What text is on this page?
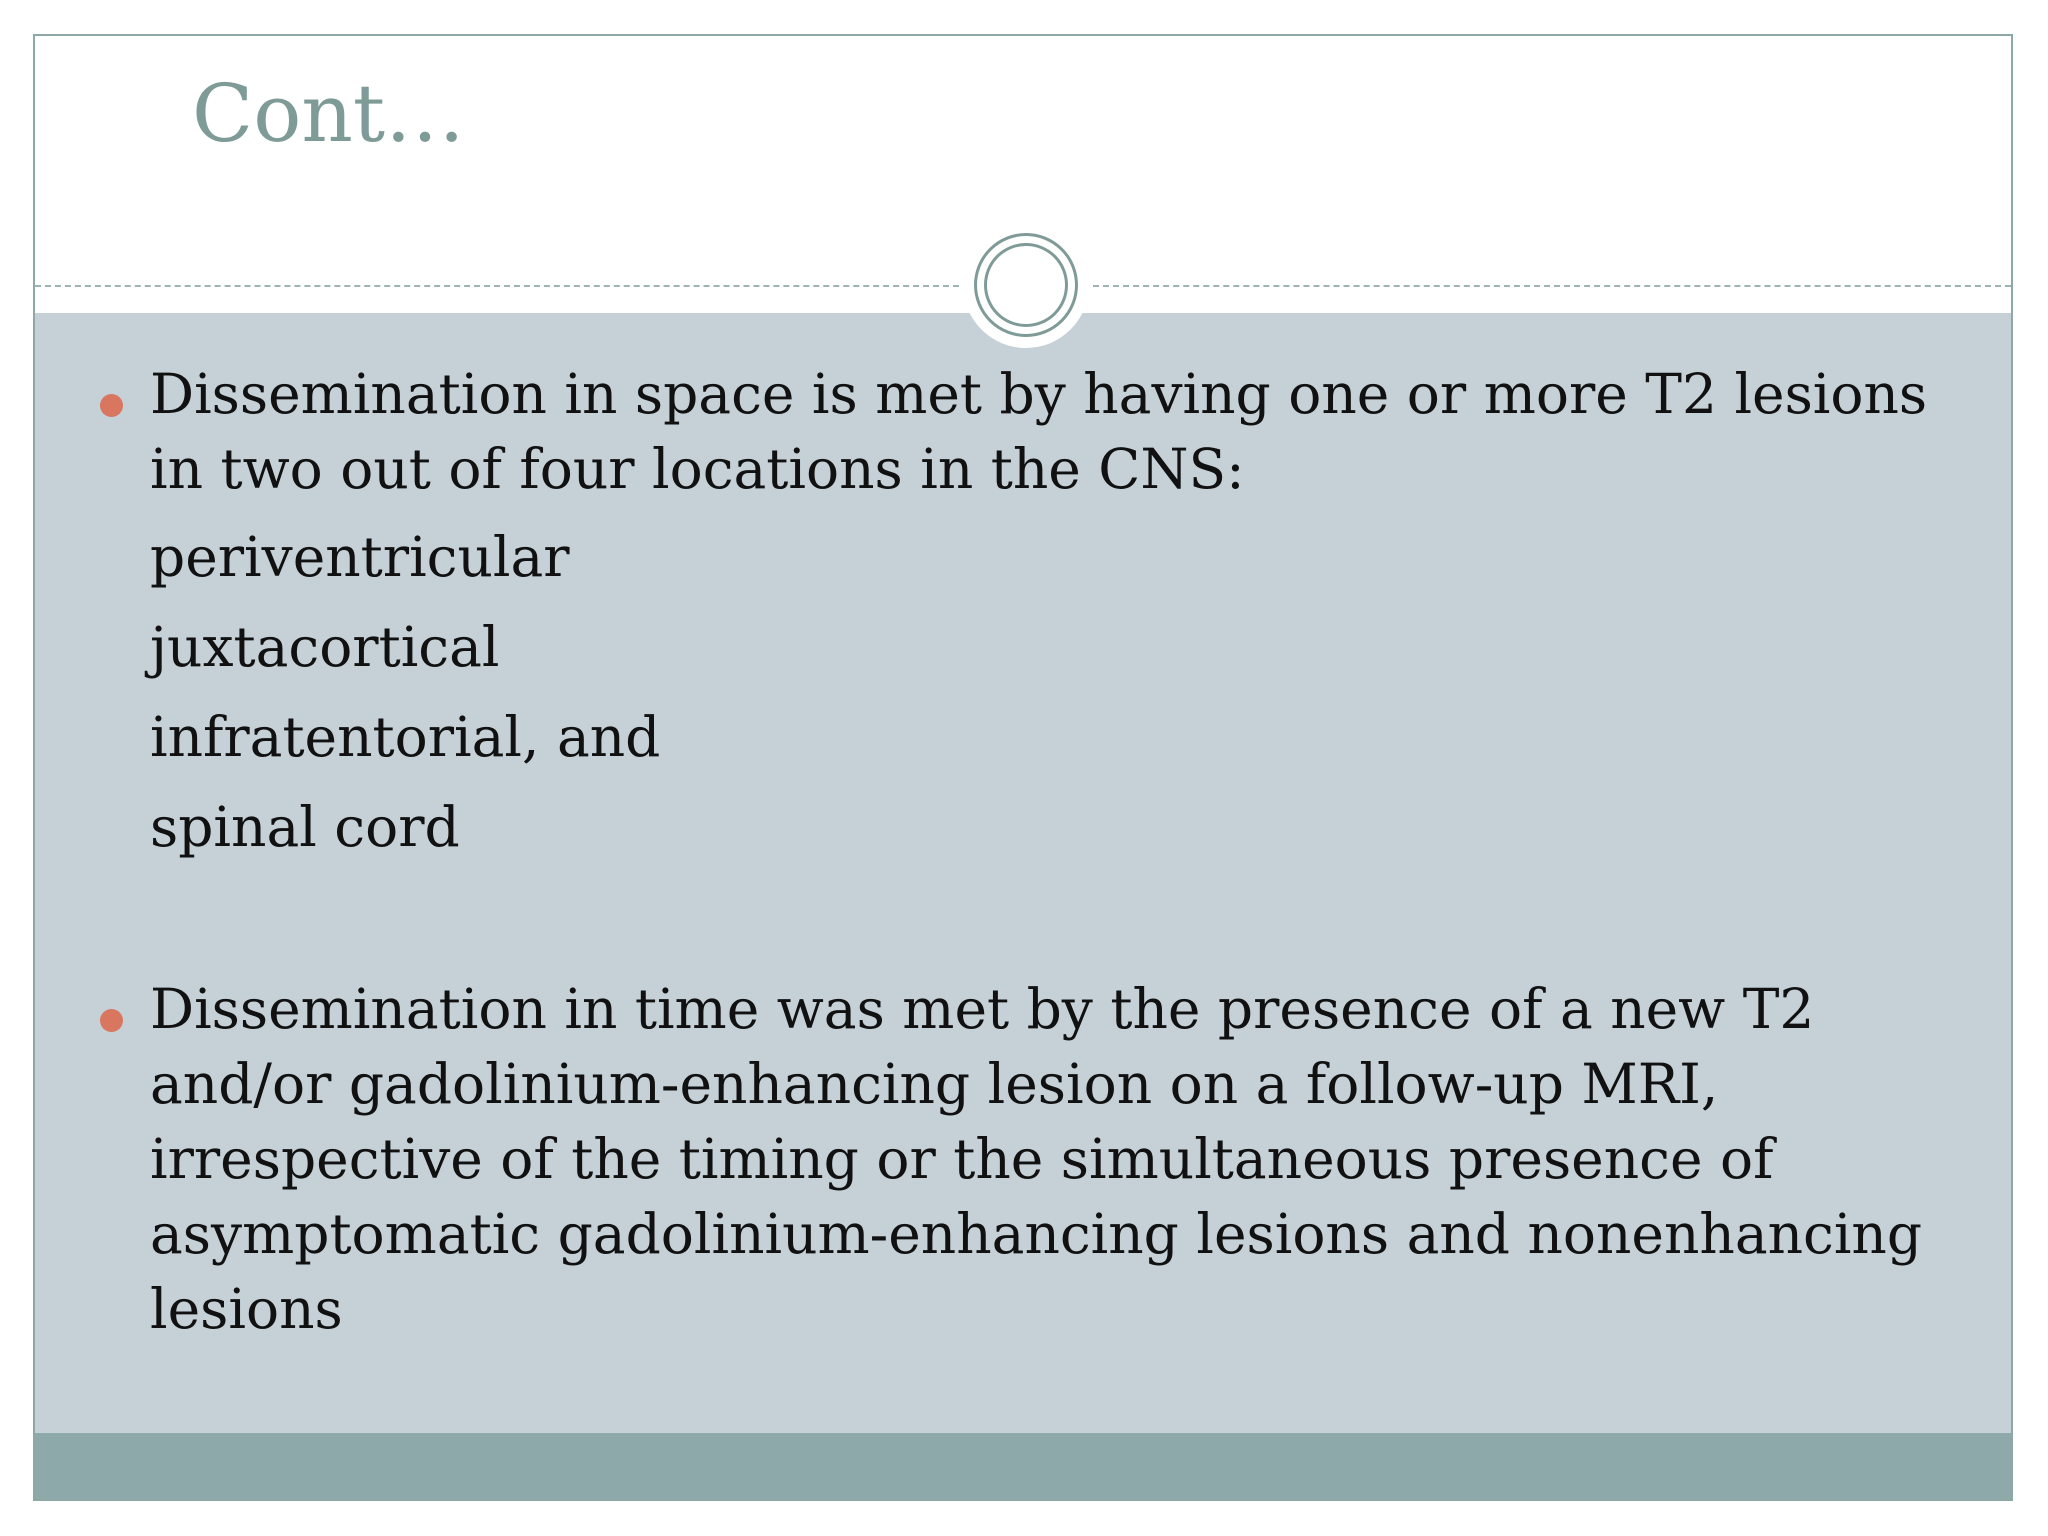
Cont…

Dissemination in space is met by having one or more T2 lesions in two out of four locations in the CNS:

periventricular

juxtacortical

infratentorial, and

spinal cord

Dissemination in time was met by the presence of a new T2 and/or gadolinium-enhancing lesion on a follow-up MRI, irrespective of the timing or the simultaneous presence of asymptomatic gadolinium-enhancing lesions and nonenhancing lesions
